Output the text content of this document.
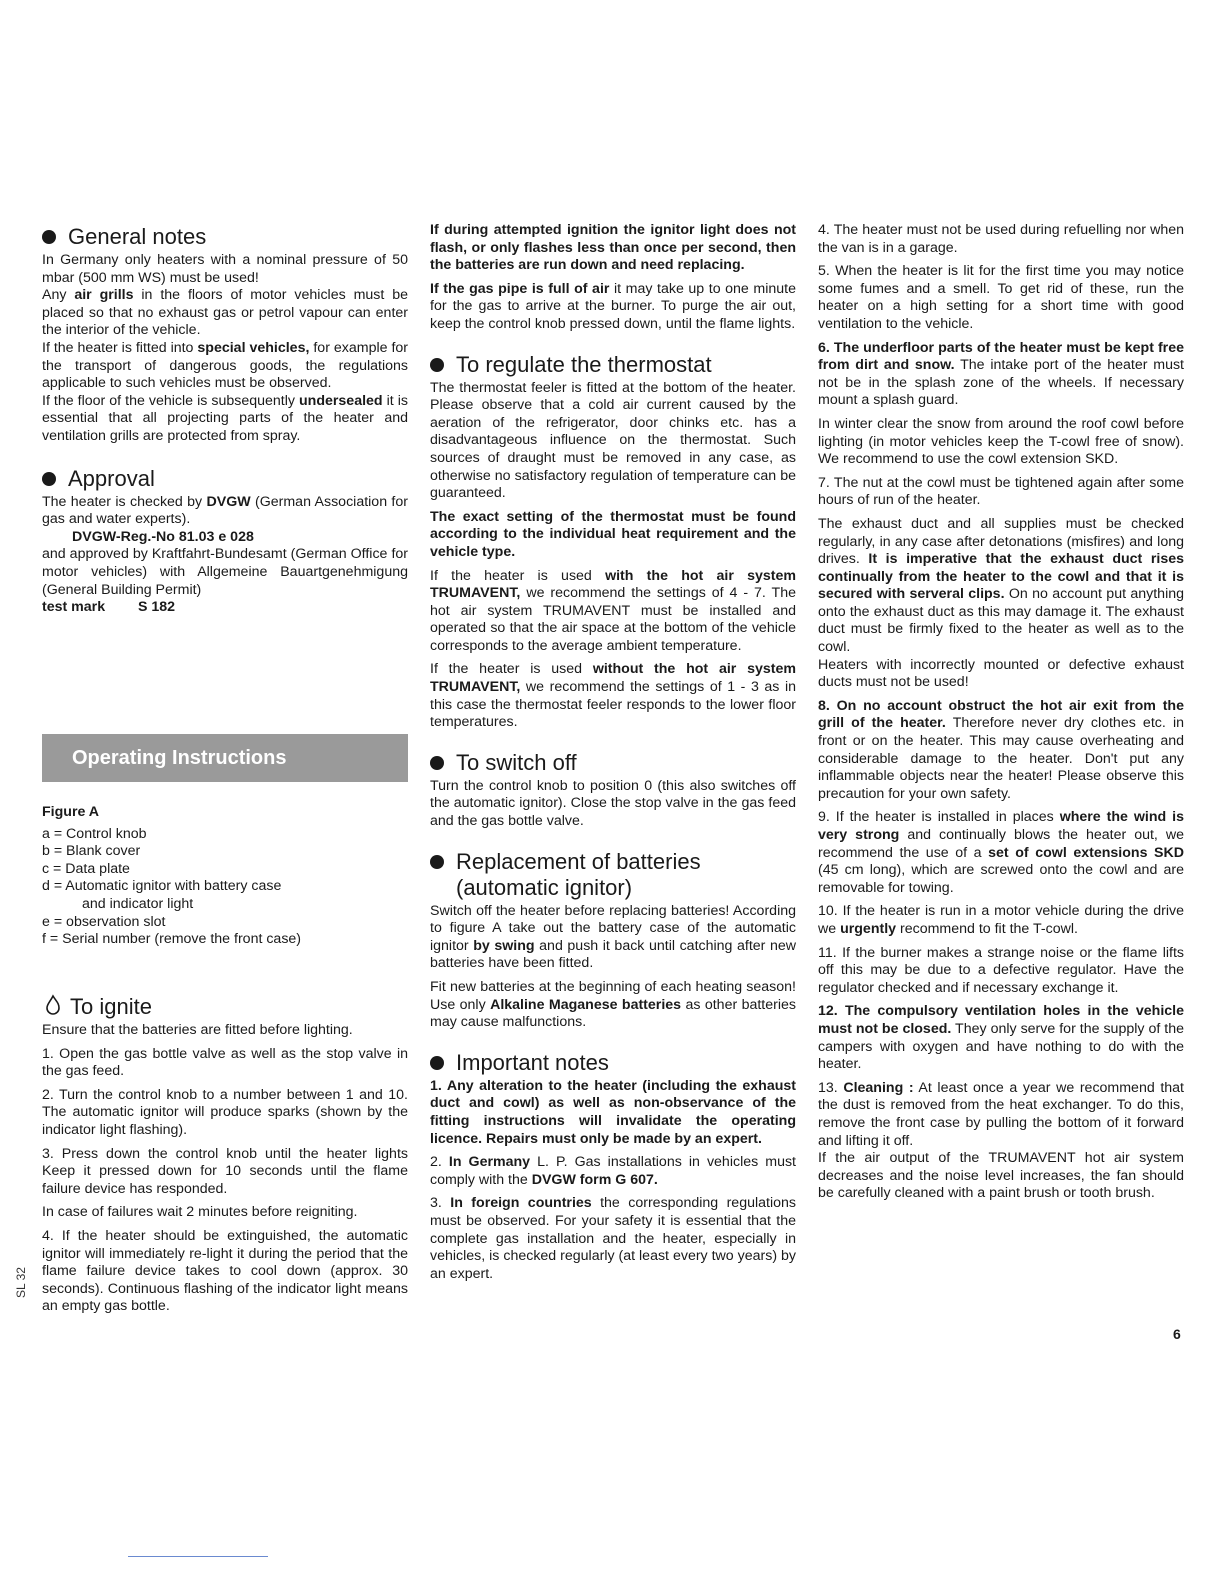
General notes

In Germany only heaters with a nominal pressure of 50 mbar (500 mm WS) must be used!

Any air grills in the floors of motor vehicles must be placed so that no exhaust gas or petrol vapour can enter the interior of the vehicle.

If the heater is fitted into special vehicles, for example for the transport of dangerous goods, the regulations applicable to such vehicles must be observed.

If the floor of the vehicle is subsequently undersealed it is essential that all projecting parts of the heater and ventilation grills are protected from spray.

Approval

The heater is checked by DVGW (German Association for gas and water experts).

DVGW-Reg.-No 81.03 e 028

and approved by Kraftfahrt-Bundesamt (German Office for motor vehicles) with Allgemeine Bauartgenehmigung (General Building Permit)

test mark S 182

Operating Instructions

Figure A

a = Control knob
b = Blank cover
c = Data plate
d = Automatic ignitor with battery case
and indicator light
e = observation slot
f = Serial number (remove the front case)
To ignite

Ensure that the batteries are fitted before lighting.

1. Open the gas bottle valve as well as the stop valve in the gas feed.

2. Turn the control knob to a number between 1 and 10. The automatic ignitor will produce sparks (shown by the indicator light flashing).

3. Press down the control knob until the heater lights Keep it pressed down for 10 seconds until the flame failure device has responded.

In case of failures wait 2 minutes before reigniting.

4. If the heater should be extinguished, the automatic ignitor will immediately re-light it during the period that the flame failure device takes to cool down (approx. 30 seconds). Continuous flashing of the indicator light means an empty gas bottle.

If during attempted ignition the ignitor light does not flash, or only flashes less than once per second, then the batteries are run down and need replacing.

If the gas pipe is full of air it may take up to one minute for the gas to arrive at the burner. To purge the air out, keep the control knob pressed down, until the flame lights.

To regulate the thermostat

The thermostat feeler is fitted at the bottom of the heater. Please observe that a cold air current caused by the aeration of the refrigerator, door chinks etc. has a disadvantageous influence on the thermostat. Such sources of draught must be removed in any case, as otherwise no satisfactory regulation of temperature can be guaranteed.

The exact setting of the thermostat must be found according to the individual heat requirement and the vehicle type.

If the heater is used with the hot air system TRUMAVENT, we recommend the settings of 4 - 7. The hot air system TRUMAVENT must be installed and operated so that the air space at the bottom of the vehicle corresponds to the average ambient temperature.

If the heater is used without the hot air system TRUMAVENT, we recommend the settings of 1 - 3 as in this case the thermostat feeler responds to the lower floor temperatures.

To switch off

Turn the control knob to position 0 (this also switches off the automatic ignitor). Close the stop valve in the gas feed and the gas bottle valve.

Replacement of batteries
(automatic ignitor)

Switch off the heater before replacing batteries! According to figure A take out the battery case of the automatic ignitor by swing and push it back until catching after new batteries have been fitted.

Fit new batteries at the beginning of each heating season! Use only Alkaline Maganese batteries as other batteries may cause malfunctions.

Important notes

1. Any alteration to the heater (including the exhaust duct and cowl) as well as non-observance of the fitting instructions will invalidate the operating licence. Repairs must only be made by an expert.

2. In Germany L. P. Gas installations in vehicles must comply with the DVGW form G 607.

3. In foreign countries the corresponding regulations must be observed. For your safety it is essential that the complete gas installation and the heater, especially in vehicles, is checked regularly (at least every two years) by an expert.

4. The heater must not be used during refuelling nor when the van is in a garage.

5. When the heater is lit for the first time you may notice some fumes and a smell. To get rid of these, run the heater on a high setting for a short time with good ventilation to the vehicle.

6. The underfloor parts of the heater must be kept free from dirt and snow. The intake port of the heater must not be in the splash zone of the wheels. If necessary mount a splash guard.

In winter clear the snow from around the roof cowl before lighting (in motor vehicles keep the T-cowl free of snow). We recommend to use the cowl extension SKD.

7. The nut at the cowl must be tightened again after some hours of run of the heater.

The exhaust duct and all supplies must be checked regularly, in any case after detonations (misfires) and long drives. It is imperative that the exhaust duct rises continually from the heater to the cowl and that it is secured with serveral clips. On no account put anything onto the exhaust duct as this may damage it. The exhaust duct must be firmly fixed to the heater as well as to the cowl.

Heaters with incorrectly mounted or defective exhaust ducts must not be used!

8. On no account obstruct the hot air exit from the grill of the heater. Therefore never dry clothes etc. in front or on the heater. This may cause overheating and considerable damage to the heater. Don't put any inflammable objects near the heater! Please observe this precaution for your own safety.

9. If the heater is installed in places where the wind is very strong and continually blows the heater out, we recommend the use of a set of cowl extensions SKD (45 cm long), which are screwed onto the cowl and are removable for towing.

10. If the heater is run in a motor vehicle during the drive we urgently recommend to fit the T-cowl.

11. If the burner makes a strange noise or the flame lifts off this may be due to a defective regulator. Have the regulator checked and if necessary exchange it.

12. The compulsory ventilation holes in the vehicle must not be closed. They only serve for the supply of the campers with oxygen and have nothing to do with the heater.

13. Cleaning : At least once a year we recommend that the dust is removed from the heat exchanger. To do this, remove the front case by pulling the bottom of it forward and lifting it off.

If the air output of the TRUMAVENT hot air system decreases and the noise level increases, the fan should be carefully cleaned with a paint brush or tooth brush.

6
SL 32
